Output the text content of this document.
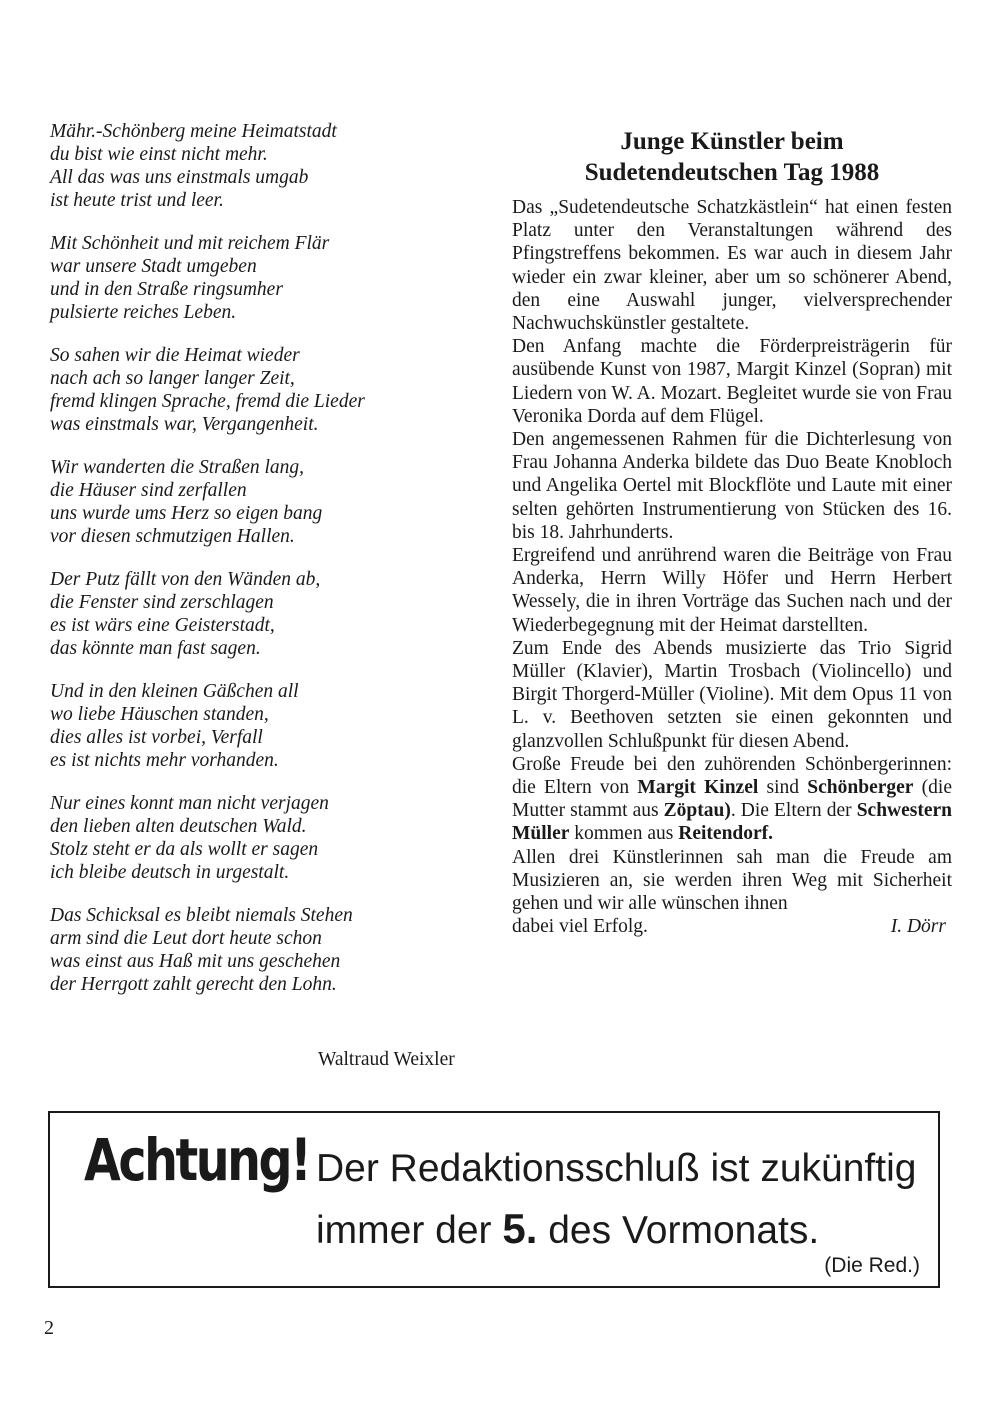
Mähr.-Schönberg meine Heimatstadt
du bist wie einst nicht mehr.
All das was uns einstmals umgab
ist heute trist und leer.
Mit Schönheit und mit reichem Flär
war unsere Stadt umgeben
und in den Straße ringsumher
pulsierte reiches Leben.
So sahen wir die Heimat wieder
nach ach so langer langer Zeit,
fremd klingen Sprache, fremd die Lieder
was einstmals war, Vergangenheit.
Wir wanderten die Straßen lang,
die Häuser sind zerfallen
uns wurde ums Herz so eigen bang
vor diesen schmutzigen Hallen.
Der Putz fällt von den Wänden ab,
die Fenster sind zerschlagen
es ist wärs eine Geisterstadt,
das könnte man fast sagen.
Und in den kleinen Gäßchen all
wo liebe Häuschen standen,
dies alles ist vorbei, Verfall
es ist nichts mehr vorhanden.
Nur eines konnt man nicht verjagen
den lieben alten deutschen Wald.
Stolz steht er da als wollt er sagen
ich bleibe deutsch in urgestalt.
Das Schicksal es bleibt niemals Stehen
arm sind die Leut dort heute schon
was einst aus Haß mit uns geschehen
der Herrgott zahlt gerecht den Lohn.
Waltraud Weixler
Junge Künstler beim
Sudetendeutschen Tag 1988

Das „Sudetendeutsche Schatzkästlein“ hat einen festen Platz unter den Veranstaltungen während des Pfingstreffens bekommen. Es war auch in diesem Jahr wieder ein zwar kleiner, aber um so schönerer Abend, den eine Auswahl junger, vielversprechender Nachwuchskünstler gestaltete.

Den Anfang machte die Förderpreisträgerin für ausübende Kunst von 1987, Margit Kinzel (Sopran) mit Liedern von W. A. Mozart. Begleitet wurde sie von Frau Veronika Dorda auf dem Flügel.

Den angemessenen Rahmen für die Dichterlesung von Frau Johanna Anderka bildete das Duo Beate Knobloch und Angelika Oertel mit Blockflöte und Laute mit einer selten gehörten Instrumentierung von Stücken des 16. bis 18. Jahrhunderts.

Ergreifend und anrührend waren die Beiträge von Frau Anderka, Herrn Willy Höfer und Herrn Herbert Wessely, die in ihren Vorträge das Suchen nach und der Wiederbegegnung mit der Heimat darstellten.

Zum Ende des Abends musizierte das Trio Sigrid Müller (Klavier), Martin Trosbach (Violincello) und Birgit Thorgerd-Müller (Violine). Mit dem Opus 11 von L. v. Beethoven setzten sie einen gekonnten und glanzvollen Schlußpunkt für diesen Abend.

Große Freude bei den zuhörenden Schönbergerinnen: die Eltern von Margit Kinzel sind Schönberger (die Mutter stammt aus Zöptau). Die Eltern der Schwestern Müller kommen aus Reitendorf.

Allen drei Künstlerinnen sah man die Freude am Musizieren an, sie werden ihren Weg mit Sicherheit gehen und wir alle wünschen ihnen

dabei viel Erfolg.	I. Dörr
Achtung! Der Redaktionsschluß ist zukünftig
immer der 5. des Vormonats.
(Die Red.)
2
